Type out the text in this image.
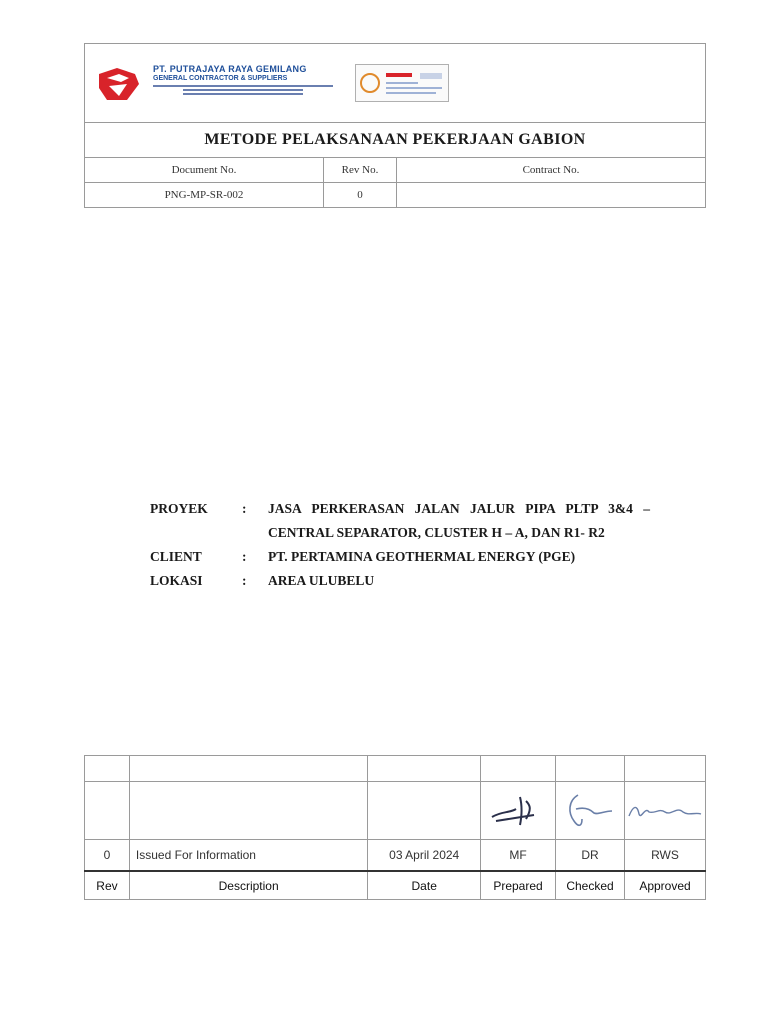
PT. PUTRAJAYA RAYA GEMILANG
GENERAL CONTRACTOR & SUPPLIERS
METODE PELAKSANAAN PEKERJAAN GABION
Document No.	Rev No.	Contract No.
PNG-MP-SR-002	0	
PROYEK	:	JASA PERKERASAN JALAN JALUR PIPA PLTP 3&4 – CENTRAL SEPARATOR, CLUSTER H – A, DAN R1- R2
CLIENT	:	PT. PERTAMINA GEOTHERMAL ENERGY (PGE)
LOKASI	:	AREA ULUBELU

0	Issued For Information	03 April 2024	MF	DR	RWS
Rev	Description	Date	Prepared	Checked	Approved
